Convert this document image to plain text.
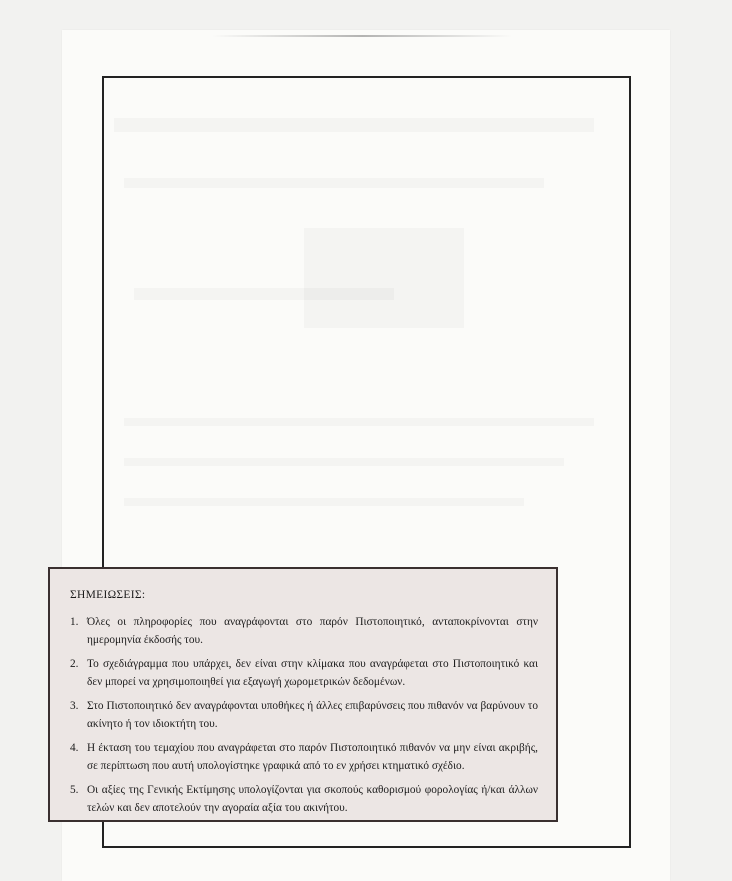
ΣΗΜΕΙΩΣΕΙΣ:
1. Όλες οι πληροφορίες που αναγράφονται στο παρόν Πιστοποιητικό, ανταποκρίνονται στην ημερομηνία έκδοσής του.
2. Το σχεδιάγραμμα που υπάρχει, δεν είναι στην κλίμακα που αναγράφεται στο Πιστοποιητικό και δεν μπορεί να χρησιμοποιηθεί για εξαγωγή χωρομετρικών δεδομένων.
3. Στο Πιστοποιητικό δεν αναγράφονται υποθήκες ή άλλες επιβαρύνσεις που πιθανόν να βαρύνουν το ακίνητο ή τον ιδιοκτήτη του.
4. Η έκταση του τεμαχίου που αναγράφεται στο παρόν Πιστοποιητικό πιθανόν να μην είναι ακριβής, σε περίπτωση που αυτή υπολογίστηκε γραφικά από το εν χρήσει κτηματικό σχέδιο.
5. Οι αξίες της Γενικής Εκτίμησης υπολογίζονται για σκοπούς καθορισμού φορολογίας ή/και άλλων τελών και δεν αποτελούν την αγοραία αξία του ακινήτου.
